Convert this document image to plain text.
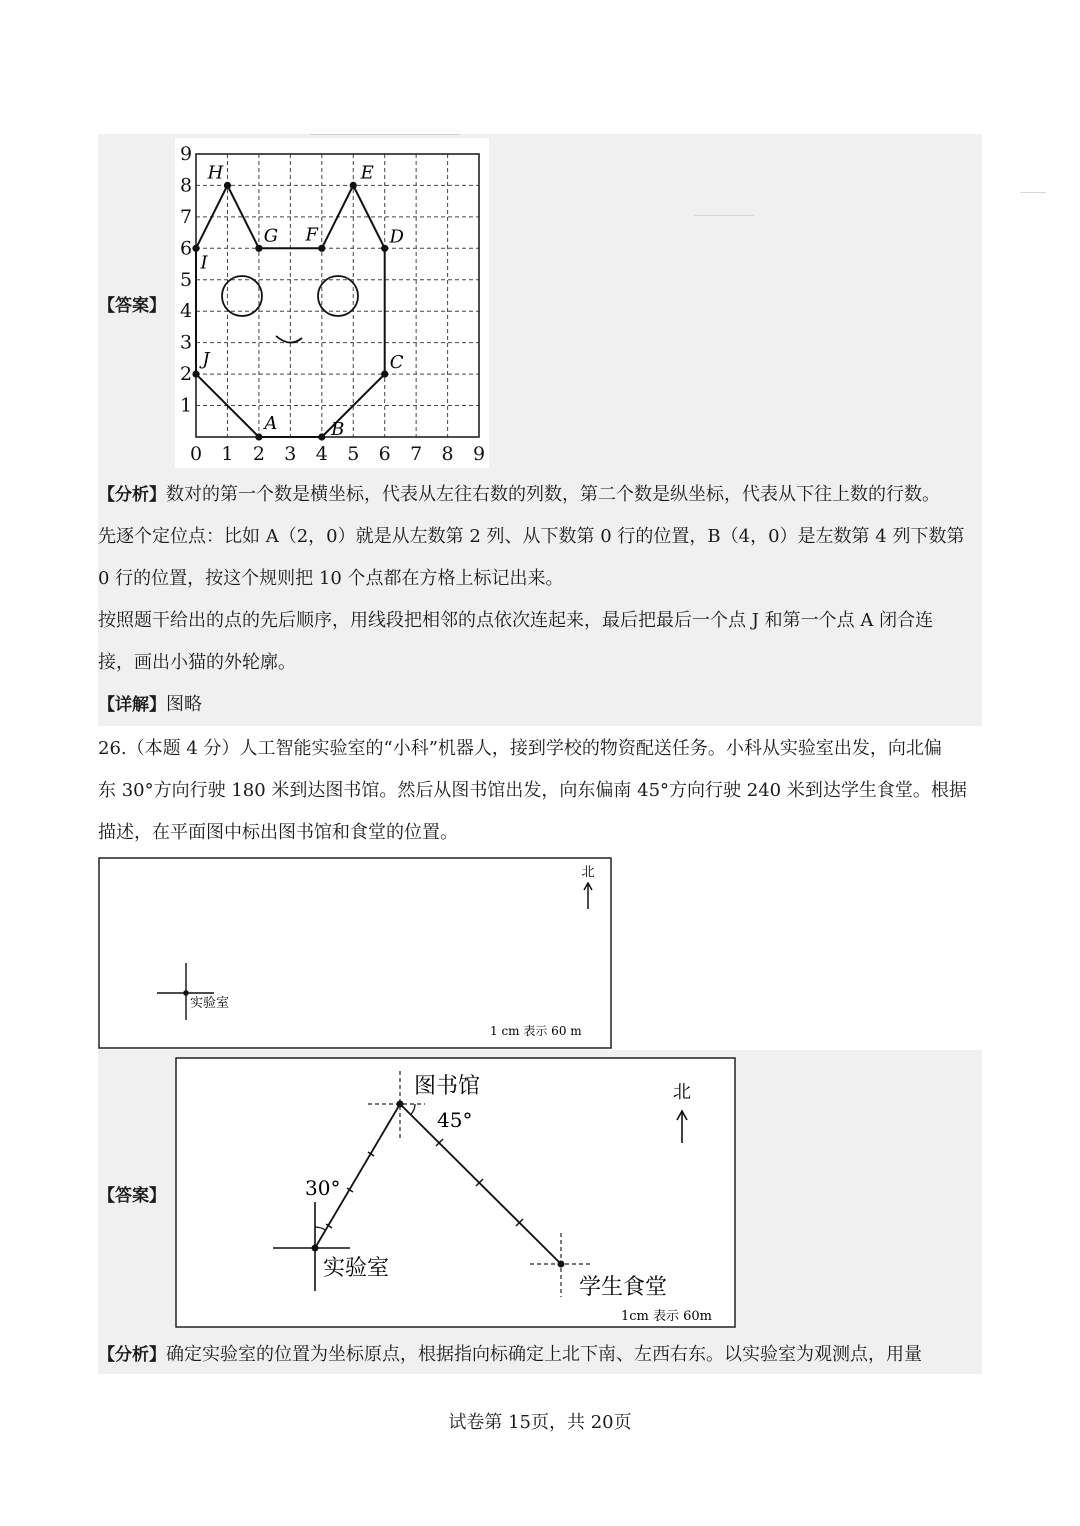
【答案】
A	B
C
D
E
F
G
H
I
J
0 1
1
2
2
3
3
4
4
5
5
6
6
7
7
8
8
9
9
【分析】数对的第一个数是横坐标，代表从左往右数的列数，第二个数是纵坐标，代表从下往上数的行数。
先逐个定位点：比如 A（2，0）就是从左数第 2 列、从下数第 0 行的位置，B（4，0）是左数第 4 列下数第
0 行的位置，按这个规则把 10 个点都在方格上标记出来。
按照题干给出的点的先后顺序，用线段把相邻的点依次连起来，最后把最后一个点 J 和第一个点 A 闭合连
接，画出小猫的外轮廓。
【详解】图略
26.（本题 4 分）人工智能实验室的“小科”机器人，接到学校的物资配送任务。小科从实验室出发，向北偏
东 30°方向行驶 180 米到达图书馆。然后从图书馆出发，向东偏南 45°方向行驶 240 米到达学生食堂。根据
描述，在平面图中标出图书馆和食堂的位置。
北
实验室
1 cm 表示 60 m
【答案】
图书馆
45°
30°
实验室
学生食堂
北
1cm 表示 60m
【分析】确定实验室的位置为坐标原点，根据指向标确定上北下南、左西右东。以实验室为观测点，用量
试卷第 15页，共 20页
